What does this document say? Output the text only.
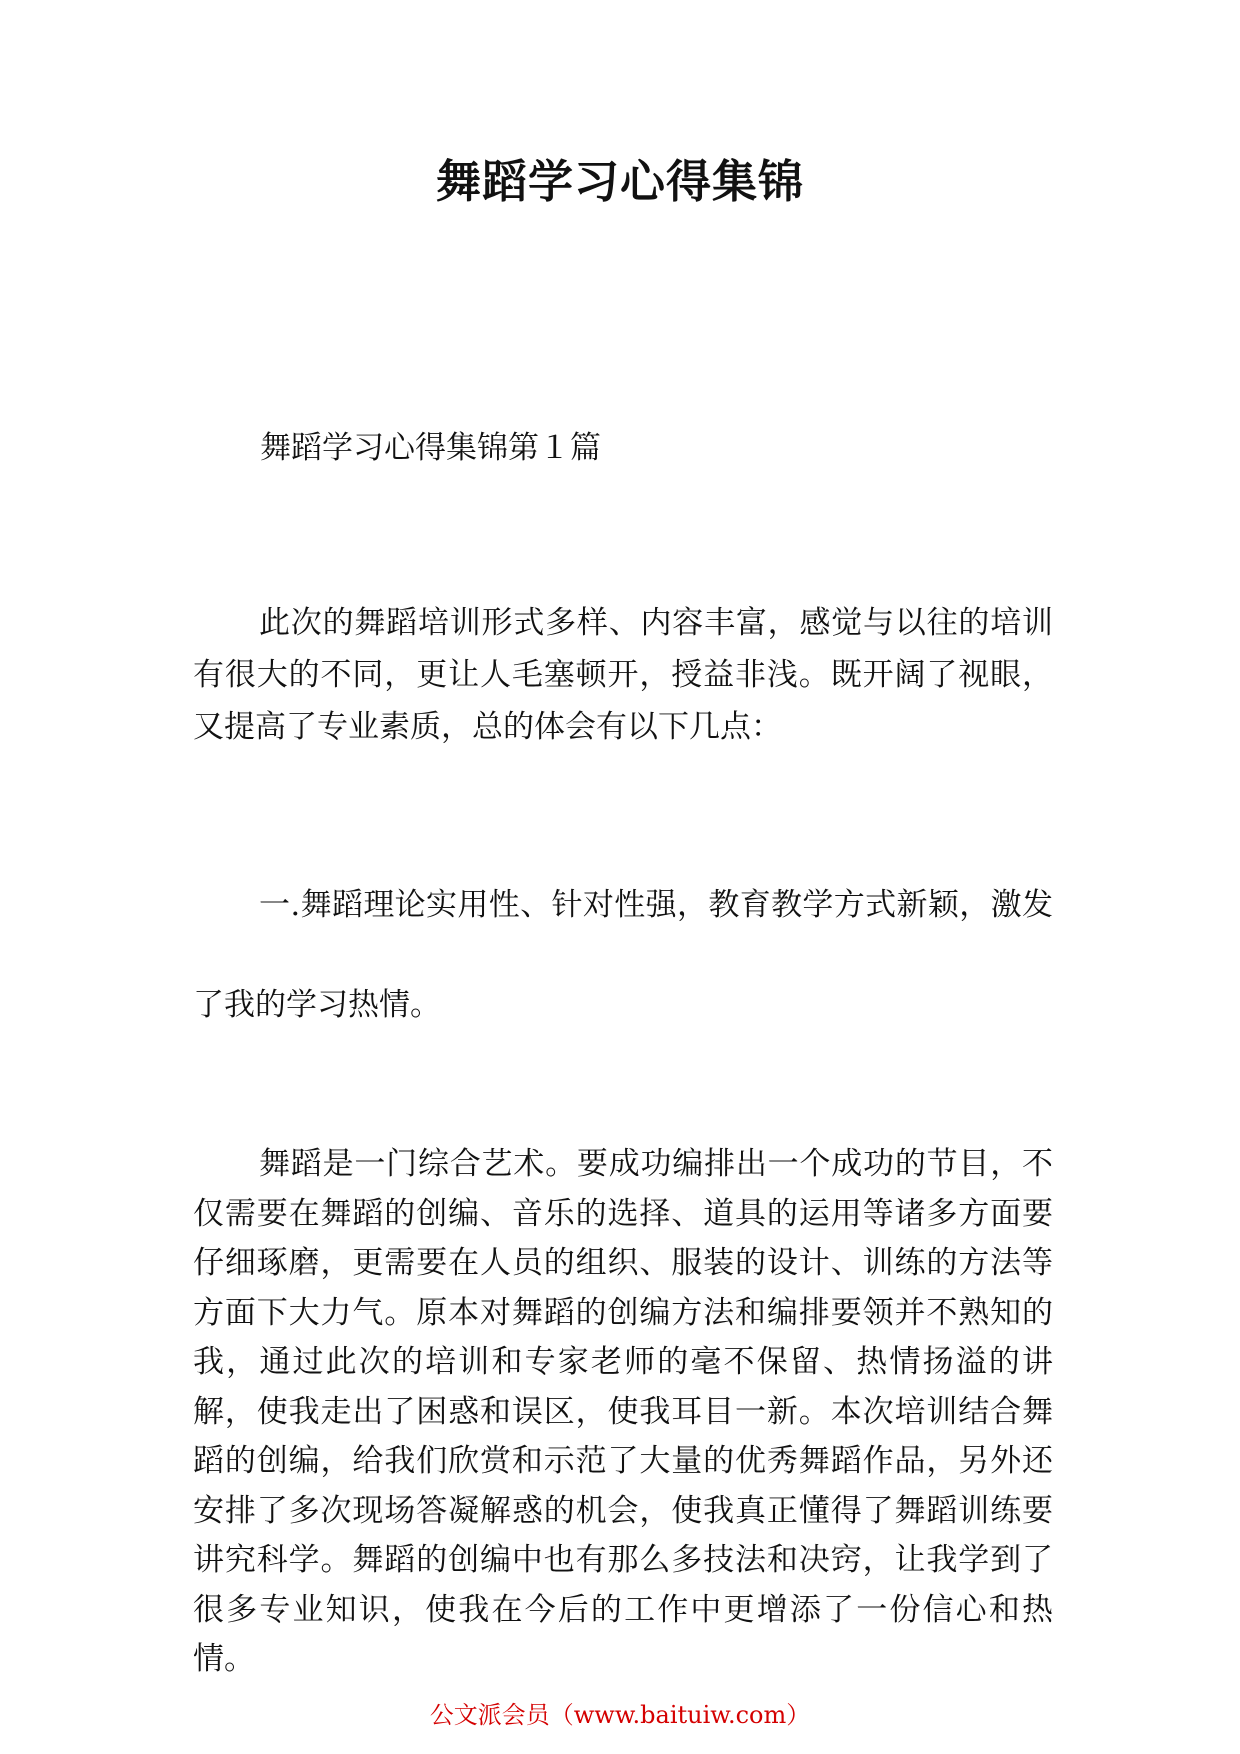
舞蹈学习心得集锦
舞蹈学习心得集锦第１篇

此次的舞蹈培训形式多样、内容丰富，感觉与以往的培训有很大的不同，更让人毛塞顿开，授益非浅。既开阔了视眼，又提高了专业素质，总的体会有以下几点：

一.舞蹈理论实用性、针对性强，教育教学方式新颖，激发了我的学习热情。

舞蹈是一门综合艺术。要成功编排出一个成功的节目，不仅需要在舞蹈的创编、音乐的选择、道具的运用等诸多方面要仔细琢磨，更需要在人员的组织、服装的设计、训练的方法等方面下大力气。原本对舞蹈的创编方法和编排要领并不熟知的我，通过此次的培训和专家老师的毫不保留、热情扬溢的讲解，使我走出了困惑和误区，使我耳目一新。本次培训结合舞蹈的创编，给我们欣赏和示范了大量的优秀舞蹈作品，另外还安排了多次现场答凝解惑的机会，使我真正懂得了舞蹈训练要讲究科学。舞蹈的创编中也有那么多技法和决窍，让我学到了很多专业知识，使我在今后的工作中更增添了一份信心和热情。

公文派会员（www.baituiw.com）
